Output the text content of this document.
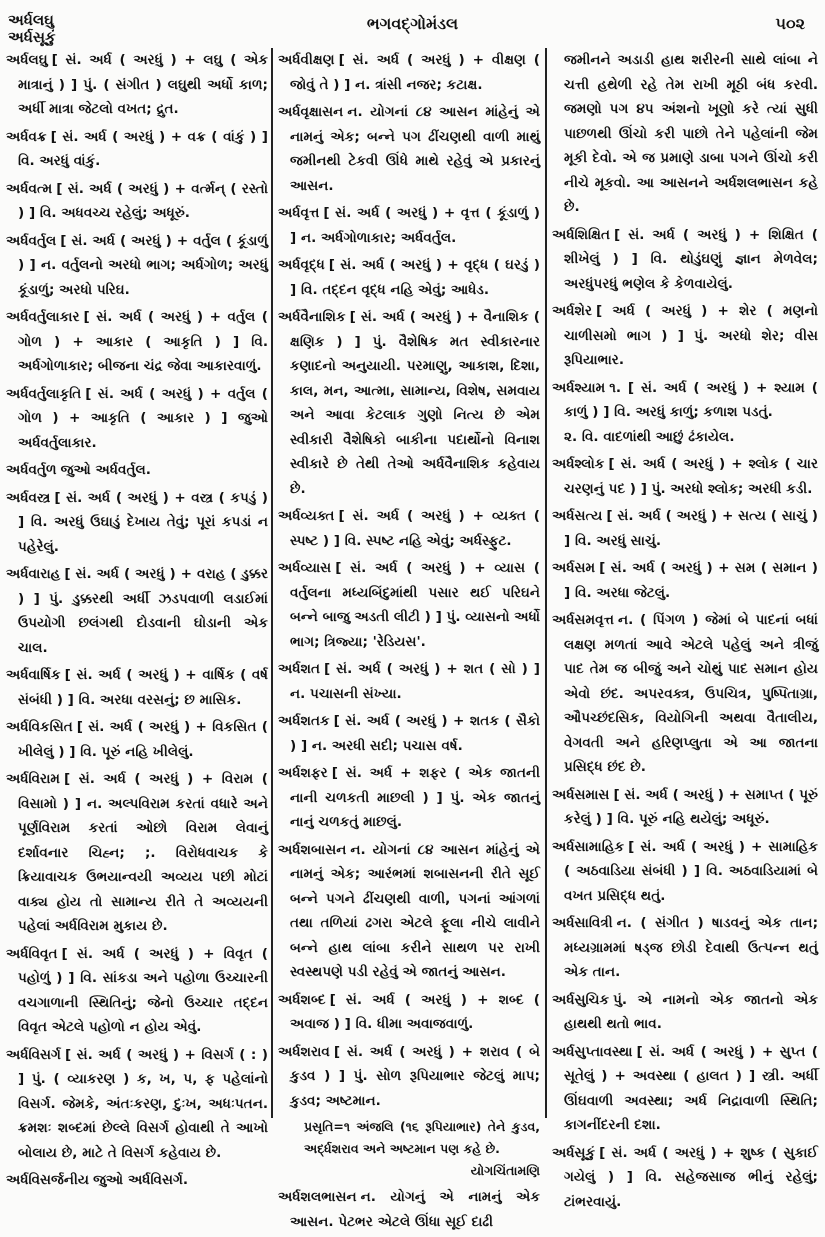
અર્ધલઘુ
અર્ધસૂકું
ભગવદ્ગોમંડલ	૫૦૨
અર્ધલઘુ [ સં. અર્ધ ( અરધું ) + લઘુ ( એક માત્રાનું ) ] પું. ( સંગીત ) લઘુથી અર્ધો કાળ; અર્ધી માત્રા જેટલો વખત; દ્રુત.
અર્ધવક્ર [ સં. અર્ધ ( અરધું ) + વક્ર ( વાંકું ) ] વિ. અરધું વાંકું.
અર્ધવત્મ [ સં. અર્ધ ( અરધું ) + વર્ત્મન્ ( રસ્તો ) ] વિ. અધવચ્ચ રહેલું; અધૂરું.
અર્ધવર્તુલ [ સં. અર્ધ ( અરધું ) + વર્તુલ ( કૂંડાળું ) ] ન. વર્તુલનો અરધો ભાગ; અર્ધગોળ; અરધું કૂંડાળું; અરધો પરિઘ.
અર્ધવર્તુલાકાર [ સં. અર્ધ ( અરધું ) + વર્તુલ ( ગોળ ) + આકાર ( આકૃતિ ) ] વિ. અર્ધગોળાકાર; બીજના ચંદ્ર જેવા આકારવાળું.
અર્ધવર્તુલાકૃતિ [ સં. અર્ધ ( અરધું ) + વર્તુલ ( ગોળ ) + આકૃતિ ( આકાર ) ] જુઓ અર્ધવર્તુલાકાર.
અર્ધવર્તુળ જુઓ અર્ધવર્તુલ.
અર્ધવસ્ત્ર [ સં. અર્ધ ( અરધું ) + વસ્ત્ર ( કપડું ) ] વિ. અરધું ઉઘાડું દેખાય તેવું; પૂરાં કપડાં ન પહેરેલું.
અર્ધવારાહ [ સં. અર્ધ ( અરધું ) + વરાહ ( ડુક્કર ) ] પું. ડુક્કરથી અર્ધી ઝડપવાળી લડાઈમાં ઉપયોગી છલંગથી દોડવાની ઘોડાની એક ચાલ.
અર્ધવાર્ષિક [ સં. અર્ધ ( અરધું ) + વાર્ષિક ( વર્ષ સંબંધી ) ] વિ. અરધા વરસનું; છ માસિક.
અર્ધવિકસિત [ સં. અર્ધ ( અરધું ) + વિકસિત ( ખીલેલું ) ] વિ. પૂરું નહિ ખીલેલું.
અર્ધવિરામ [ સં. અર્ધ ( અરધું ) + વિરામ ( વિસામો ) ] ન. અલ્પવિરામ કરતાં વધારે અને પૂર્ણવિરામ કરતાં ઓછો વિરામ લેવાનું દર્શાવનાર ચિહ્ન; ;. વિરોધવાચક કે ક્રિયાવાચક ઉભયાન્વયી અવ્યય પછી મોટાં વાક્ય હોય તો સામાન્ય રીતે તે અવ્યયની પહેલાં અર્ધવિરામ મુકાય છે.
અર્ધવિવૃત [ સં. અર્ધ ( અરધું ) + વિવૃત ( પહોળું ) ] વિ. સાંકડા અને પહોળા ઉચ્ચારની વચગાળાની સ્થિતિનું; જેનો ઉચ્ચાર તદ્દન વિવૃત એટલે પહોળો ન હોય એવું.
અર્ધવિસર્ગ [ સં. અર્ધ ( અરધું ) + વિસર્ગ ( : ) ] પું. ( વ્યાકરણ ) ક, ખ, પ, ફ પહેલાંનો વિસર્ગ. જેમકે, અંતઃકરણ, દુઃખ, અધઃપતન. ક્રમશઃ શબ્દમાં છેલ્લે વિસર્ગ હોવાથી તે આખો બોલાય છે, માટે તે વિસર્ગ કહેવાય છે.
અર્ધવિસર્જનીય જુઓ અર્ધવિસર્ગ.
અર્ધવીક્ષણ [ સં. અર્ધ ( અરધું ) + વીક્ષણ ( જોવું તે ) ] ન. ત્રાંસી નજર; કટાક્ષ.
અર્ધવૃક્ષાસન ન. યોગનાં ૮૪ આસન માંહેનું એ નામનું એક; બન્ને પગ ઢીંચણથી વાળી માથું જમીનથી ટેકવી ઊંધે માથે રહેવું એ પ્રકારનું આસન.
અર્ધવૃત્ત [ સં. અર્ધ ( અરધું ) + વૃત્ત ( કૂંડાળું ) ] ન. અર્ધગોળાકાર; અર્ધવર્તુલ.
અર્ધવૃદ્ધ [ સં. અર્ધ ( અરધું ) + વૃદ્ધ ( ઘરડું ) ] વિ. તદ્દન વૃદ્ધ નહિ એવું; આધેડ.
અર્ધવૈનાશિક [ સં. અર્ધ ( અરધું ) + વૈનાશિક ( ક્ષણિક ) ] પું. વૈશેષિક મત સ્વીકારનાર કણાદનો અનુયાયી. પરમાણુ, આકાશ, દિશા, કાલ, મન, આત્મા, સામાન્ય, વિશેષ, સમવાય અને આવા કેટલાક ગુણો નિત્ય છે એમ સ્વીકારી વૈશેષિકો બાકીના પદાર્થોનો વિનાશ સ્વીકારે છે તેથી તેઓ અર્ધવૈનાશિક કહેવાય છે.
અર્ધવ્યક્ત [ સં. અર્ધ ( અરધું ) + વ્યક્ત ( સ્પષ્ટ ) ] વિ. સ્પષ્ટ નહિ એવું; અર્ધસ્ફુટ.
અર્ધવ્યાસ [ સં. અર્ધ ( અરધું ) + વ્યાસ ( વર્તુલના મધ્યબિંદુમાંથી પસાર થઈ પરિઘને બન્ને બાજુ અડતી લીટી ) ] પું. વ્યાસનો અર્ધો ભાગ; ત્રિજ્યા; 'રેડિયસ'.
અર્ધશત [ સં. અર્ધ ( અરધું ) + શત ( સો ) ] ન. પચાસની સંખ્યા.
અર્ધશતક [ સં. અર્ધ ( અરધું ) + શતક ( સૈકો ) ] ન. અરધી સદી; પચાસ વર્ષ.
અર્ધશફર [ સં. અર્ધ + શફર ( એક જાતની નાની ચળકતી માછલી ) ] પું. એક જાતનું નાનું ચળકતું માછલું.
અર્ધશબાસન ન. યોગનાં ૮૪ આસન માંહેનું એ નામનું એક; આરંભમાં શબાસનની રીતે સૂઈ બન્ને પગને ઢીંચણથી વાળી, પગનાં આંગળાં તથા તળિયાં ઢગરા એટલે ફૂલા નીચે લાવીને બન્ને હાથ લાંબા કરીને સાથળ પર રાખી સ્વસ્થપણે પડી રહેવું એ જાતનું આસન.
અર્ધશબ્દ [ સં. અર્ધ ( અરધું ) + શબ્દ ( અવાજ ) ] વિ. ધીમા અવાજવાળું.
અર્ધશરાવ [ સં. અર્ધ ( અરધું ) + શરાવ ( બે કુડવ ) ] પું. સોળ રૂપિયાભાર જેટલું માપ; કુડવ; અષ્ટમાન.
પ્રસૃતિ=૧ અંજલિ (૧૬ રૂપિયાભાર) તેને કુડવ, અર્દ્ધશરાવ અને અષ્ટમાન પણ કહે છે.
યોગચિંતામણિ
અર્ધશલભાસન ન. યોગનું એ નામનું એક આસન. પેટભર એટલે ઊંધા સૂઈ દાઢી
જમીનને અડાડી હાથ શરીરની સાથે લાંબા ને ચત્તી હથેળી રહે તેમ રાખી મૂઠી બંધ કરવી. જમણો પગ ૪૫ અંશનો ખૂણો કરે ત્યાં સુધી પાછળથી ઊંચો કરી પાછો તેને પહેલાંની જેમ મૂકી દેવો. એ જ પ્રમાણે ડાબા પગને ઊંચો કરી નીચે મૂકવો. આ આસનને અર્ધશલભાસન કહે છે.
અર્ધશિક્ષિત [ સં. અર્ધ ( અરધું ) + શિક્ષિત ( શીખેલું ) ] વિ. થોડુંઘણું જ્ઞાન મેળવેલ; અરધુંપરધું ભણેલ કે કેળવાયેલું.
અર્ધશેર [ અર્ધ ( અરધું ) + શેર ( મણનો ચાળીસમો ભાગ ) ] પું. અરધો શેર; વીસ રૂપિયાભાર.
અર્ધશ્યામ ૧. [ સં. અર્ધ ( અરધું ) + શ્યામ ( કાળું ) ] વિ. અરધું કાળું; કળાશ પડતું.
૨. વિ. વાદળાંથી આછું ઢંકાયેલ.
અર્ધશ્લોક [ સં. અર્ધ ( અરધું ) + શ્લોક ( ચાર ચરણનું પદ ) ] પું. અરધો શ્લોક; અરધી કડી.
અર્ધસત્ય [ સં. અર્ધ ( અરધું ) + સત્ય ( સાચું ) ] વિ. અરધું સાચું.
અર્ધસમ [ સં. અર્ધ ( અરધું ) + સમ ( સમાન ) ] વિ. અરધા જેટલું.
અર્ધસમવૃત્ત ન. ( પિંગળ ) જેમાં બે પાદનાં બધાં લક્ષણ મળતાં આવે એટલે પહેલું અને ત્રીજું પાદ તેમ જ બીજું અને ચોથું પાદ સમાન હોય એવો છંદ. અપરવક્ત્ર, ઉપચિત્ર, પુષ્પિતાગ્રા, ઔપચ્છંદસિક, વિયોગિની અથવા વૈતાલીય, વેગવતી અને હરિણપ્લુતા એ આ જાતના પ્રસિદ્ધ છંદ છે.
અર્ધસમાસ [ સં. અર્ધ ( અરધું ) + સમાપ્ત ( પૂરું કરેલું ) ] વિ. પૂરું નહિ થયેલું; અધૂરું.
અર્ધસામાહિક [ સં. અર્ધ ( અરધું ) + સામાહિક ( અઠવાડિયા સંબંધી ) ] વિ. અઠવાડિયામાં બે વખત પ્રસિદ્ધ થતું.
અર્ધસાવિત્રી ન. ( સંગીત ) ષાડવનું એક તાન; મધ્યગ્રામમાં ષડ્જ છોડી દેવાથી ઉત્પન્ન થતું એક તાન.
અર્ધસુચિક પું. એ નામનો એક જાતનો એક હાથથી થતો ભાવ.
અર્ધસુપ્તાવસ્થા [ સં. અર્ધ ( અરધું ) + સુપ્ત ( સૂતેલું ) + અવસ્થા ( હાલત ) ] સ્ત્રી. અર્ધી ઊંઘવાળી અવસ્થા; અર્ધ નિદ્રાવાળી સ્થિતિ; કાગનીંદરની દશા.
અર્ધસૂકું [ સં. અર્ધ ( અરધું ) + શુષ્ક ( સુકાઈ ગયેલું ) ] વિ. સહેજસાજ ભીનું રહેલું; ટાંભરવાયું.
